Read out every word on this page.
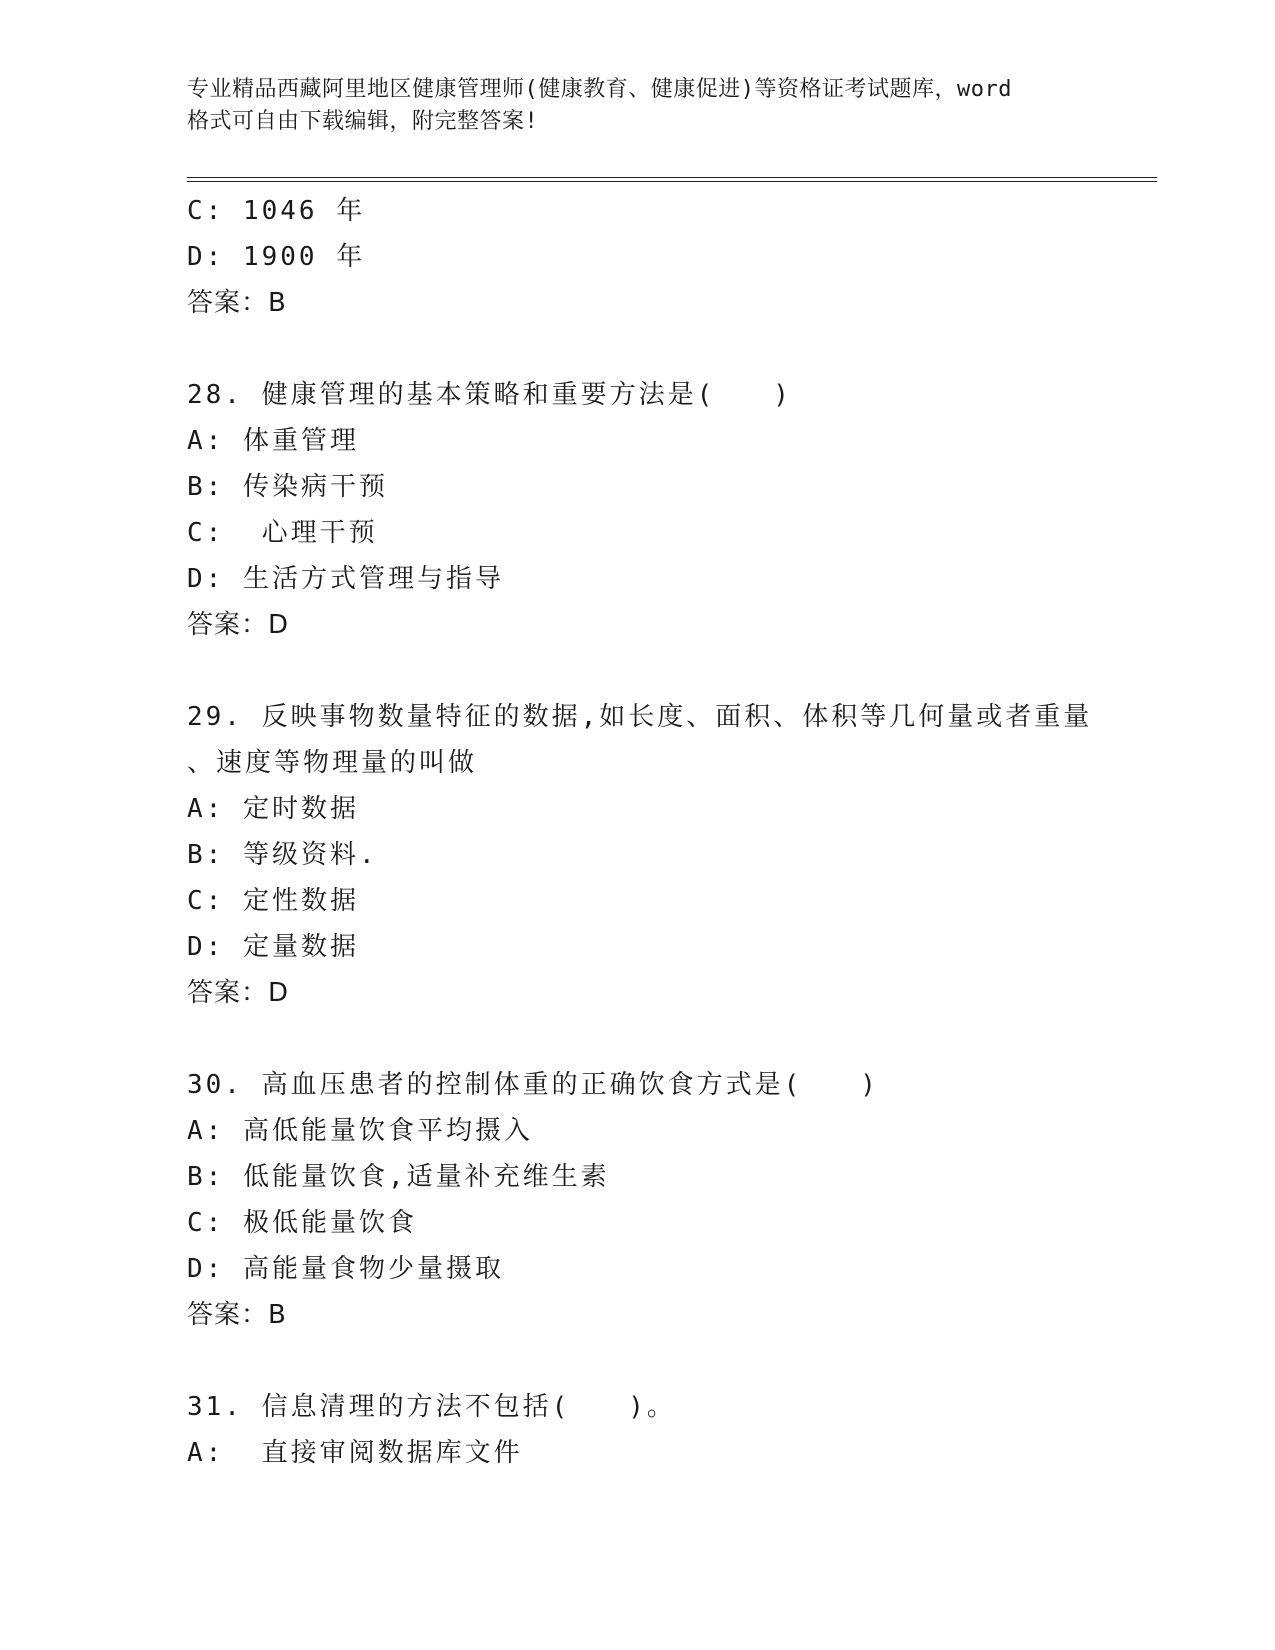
专业精品西藏阿里地区健康管理师(健康教育、健康促进)等资格证考试题库，word
格式可自由下载编辑，附完整答案!
C: 1046 年
D: 1900 年
答案：B
28. 健康管理的基本策略和重要方法是(　　)
A: 体重管理
B: 传染病干预
C:  心理干预
D: 生活方式管理与指导
答案：D
29. 反映事物数量特征的数据,如长度、面积、体积等几何量或者重量
、速度等物理量的叫做
A: 定时数据
B: 等级资料.
C: 定性数据
D: 定量数据
答案：D
30. 高血压患者的控制体重的正确饮食方式是(　　)
A: 高低能量饮食平均摄入
B: 低能量饮食,适量补充维生素
C: 极低能量饮食
D: 高能量食物少量摄取
答案：B
31. 信息清理的方法不包括(　　)。
A:  直接审阅数据库文件
